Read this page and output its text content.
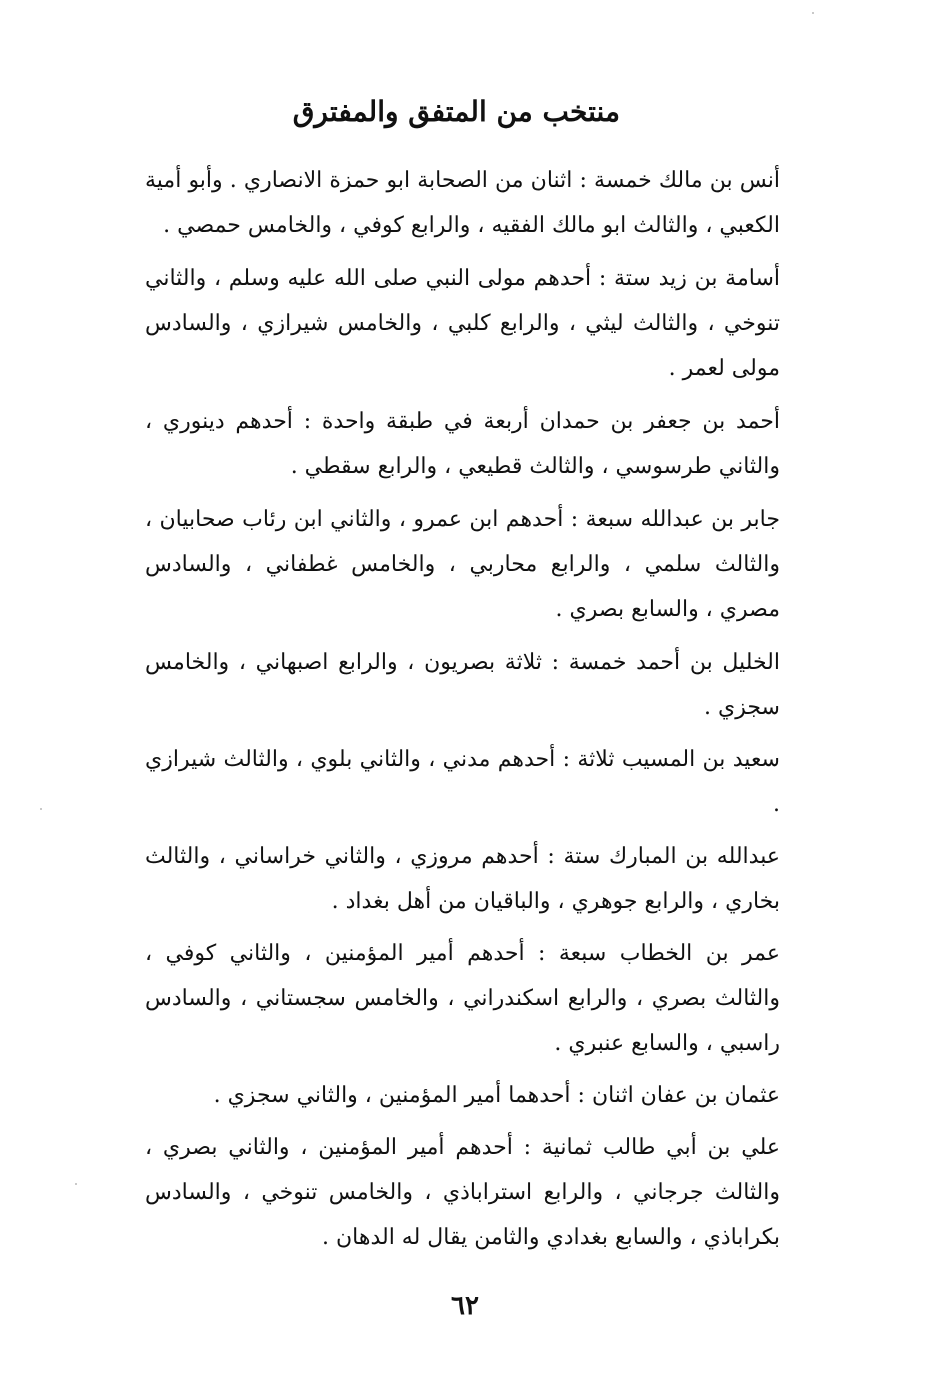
منتخب من المتفق والمفترق

أنس بن مالك خمسة : اثنان من الصحابة ابو حمزة الانصاري . وأبو أمية الكعبي ، والثالث ابو مالك الفقيه ، والرابع كوفي ، والخامس حمصي .

أسامة بن زيد ستة : أحدهم مولى النبي صلى الله عليه وسلم ، والثاني تنوخي ، والثالث ليثي ، والرابع كلبي ، والخامس شيرازي ، والسادس مولى لعمر .

أحمد بن جعفر بن حمدان أربعة في طبقة واحدة : أحدهم دينوري ، والثاني طرسوسي ، والثالث قطيعي ، والرابع سقطي .

جابر بن عبدالله سبعة : أحدهم ابن عمرو ، والثاني ابن رئاب صحابيان ، والثالث سلمي ، والرابع محاربي ، والخامس غطفاني ، والسادس مصري ، والسابع بصري .

الخليل بن أحمد خمسة : ثلاثة بصريون ، والرابع اصبهاني ، والخامس سجزي .

سعيد بن المسيب ثلاثة : أحدهم مدني ، والثاني بلوي ، والثالث شيرازي .

عبدالله بن المبارك ستة : أحدهم مروزي ، والثاني خراساني ، والثالث بخاري ، والرابع جوهري ، والباقيان من أهل بغداد .

عمر بن الخطاب سبعة : أحدهم أمير المؤمنين ، والثاني كوفي ، والثالث بصري ، والرابع اسكندراني ، والخامس سجستاني ، والسادس راسبي ، والسابع عنبري .

عثمان بن عفان اثنان : أحدهما أمير المؤمنين ، والثاني سجزي .

علي بن أبي طالب ثمانية : أحدهم أمير المؤمنين ، والثاني بصري ، والثالث جرجاني ، والرابع استراباذي ، والخامس تنوخي ، والسادس بكراباذي ، والسابع بغدادي والثامن يقال له الدهان .

٦٢
